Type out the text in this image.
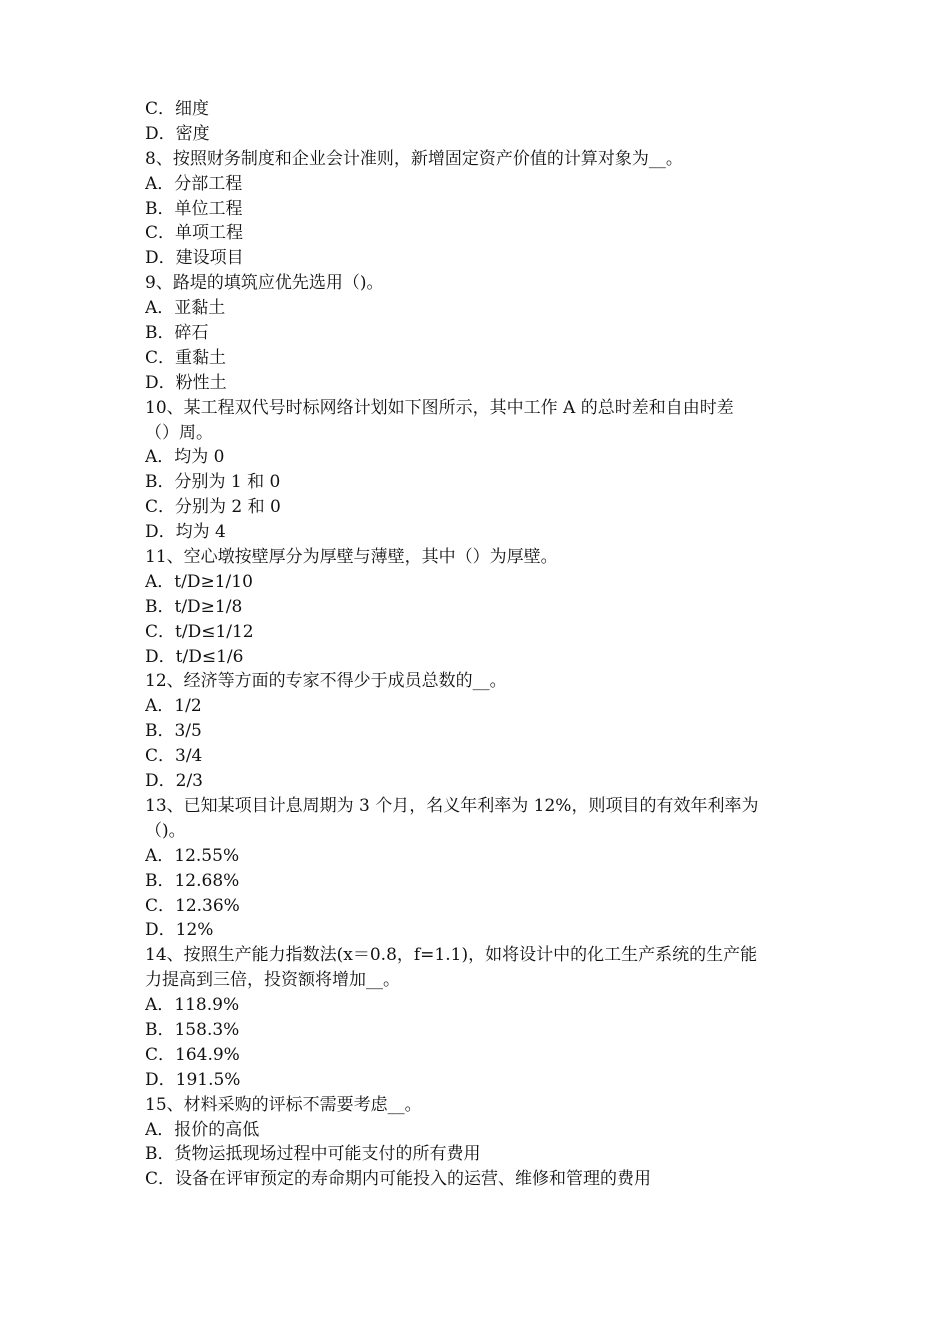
C．细度
D．密度
8、按照财务制度和企业会计准则，新增固定资产价值的计算对象为__。
A．分部工程
B．单位工程
C．单项工程
D．建设项目
9、路堤的填筑应优先选用（)。
A．亚黏土
B．碎石
C．重黏土
D．粉性土
10、某工程双代号时标网络计划如下图所示，其中工作 A 的总时差和自由时差
（）周。
A．均为 0
B．分别为 1 和 0
C．分别为 2 和 0
D．均为 4
11、空心墩按壁厚分为厚壁与薄壁，其中（）为厚壁。
A．t/D≥1/10
B．t/D≥1/8
C．t/D≤1/12
D．t/D≤1/6
12、经济等方面的专家不得少于成员总数的__。
A．1/2
B．3/5
C．3/4
D．2/3
13、已知某项目计息周期为 3 个月，名义年利率为 12%，则项目的有效年利率为
（)。
A．12.55%
B．12.68%
C．12.36%
D．12%
14、按照生产能力指数法(x＝0.8，f=1.1)，如将设计中的化工生产系统的生产能
力提高到三倍，投资额将增加__。
A．118.9%
B．158.3%
C．164.9%
D．191.5%
15、材料采购的评标不需要考虑__。
A．报价的高低
B．货物运抵现场过程中可能支付的所有费用
C．设备在评审预定的寿命期内可能投入的运营、维修和管理的费用
